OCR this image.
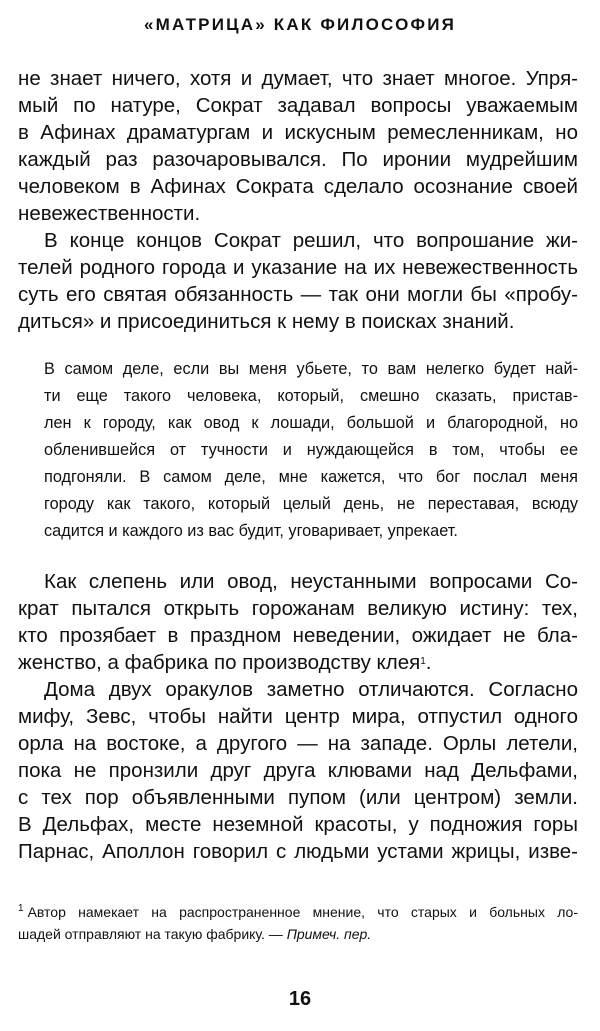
«МАТРИЦА» КАК ФИЛОСОФИЯ
не знает ничего, хотя и думает, что знает многое. Упря-
мый по натуре, Сократ задавал вопросы уважаемым
в Афинах драматургам и искусным ремесленникам, но
каждый раз разочаровывался. По иронии мудрейшим
человеком в Афинах Сократа сделало осознание своей
невежественности.
В конце концов Сократ решил, что вопрошание жи-
телей родного города и указание на их невежественность
суть его святая обязанность — так они могли бы «пробу-
диться» и присоединиться к нему в поисках знаний.
В самом деле, если вы меня убьете, то вам нелегко будет най-
ти еще такого человека, который, смешно сказать, пристав-
лен к городу, как овод к лошади, большой и благородной, но
обленившейся от тучности и нуждающейся в том, чтобы ее
подгоняли. В самом деле, мне кажется, что бог послал меня
городу как такого, который целый день, не переставая, всюду
садится и каждого из вас будит, уговаривает, упрекает.
Как слепень или овод, неустанными вопросами Со-
крат пытался открыть горожанам великую истину: тех,
кто прозябает в праздном неведении, ожидает не бла-
женство, а фабрика по производству клея$^1$.
Дома двух оракулов заметно отличаются. Согласно
мифу, Зевс, чтобы найти центр мира, отпустил одного
орла на востоке, а другого — на западе. Орлы летели,
пока не пронзили друг друга клювами над Дельфами,
с тех пор объявленными пупом (или центром) земли.
В Дельфах, месте неземной красоты, у подножия горы
Парнас, Аполлон говорил с людьми устами жрицы, изве-
$^1$ Автор намекает на распространенное мнение, что старых и больных ло-
шадей отправляют на такую фабрику. — Примеч. пер.
16
